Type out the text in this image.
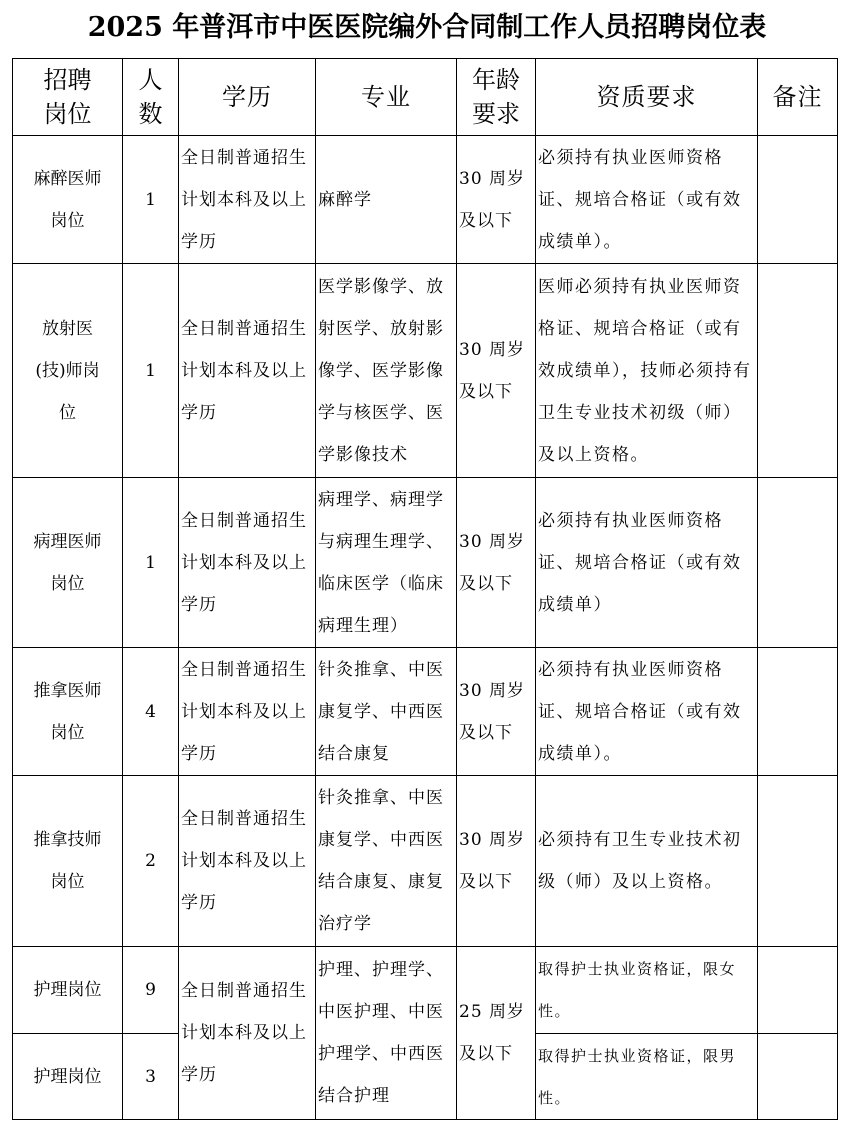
2025 年普洱市中医医院编外合同制工作人员招聘岗位表
招聘岗位	人数	学历	专业	年龄要求	资质要求	备注
麻醉医师岗位	1	全日制普通招生计划本科及以上学历	麻醉学	30 周岁及以下	必须持有执业医师资格证、规培合格证（或有效成绩单）。	
放射医(技)师岗位	1	全日制普通招生计划本科及以上学历	医学影像学、放射医学、放射影像学、医学影像学与核医学、医学影像技术	30 周岁及以下	医师必须持有执业医师资格证、规培合格证（或有效成绩单），技师必须持有卫生专业技术初级（师）及以上资格。	
病理医师岗位	1	全日制普通招生计划本科及以上学历	病理学、病理学与病理生理学、临床医学（临床病理生理）	30 周岁及以下	必须持有执业医师资格证、规培合格证（或有效成绩单）	
推拿医师岗位	4	全日制普通招生计划本科及以上学历	针灸推拿、中医康复学、中西医结合康复	30 周岁及以下	必须持有执业医师资格证、规培合格证（或有效成绩单）。	
推拿技师岗位	2	全日制普通招生计划本科及以上学历	针灸推拿、中医康复学、中西医结合康复、康复治疗学	30 周岁及以下	必须持有卫生专业技术初级（师）及以上资格。	
护理岗位	9	全日制普通招生计划本科及以上学历	护理、护理学、中医护理、中医护理学、中西医结合护理	25 周岁及以下	取得护士执业资格证，限女性。	
护理岗位	3				取得护士执业资格证，限男性。	
